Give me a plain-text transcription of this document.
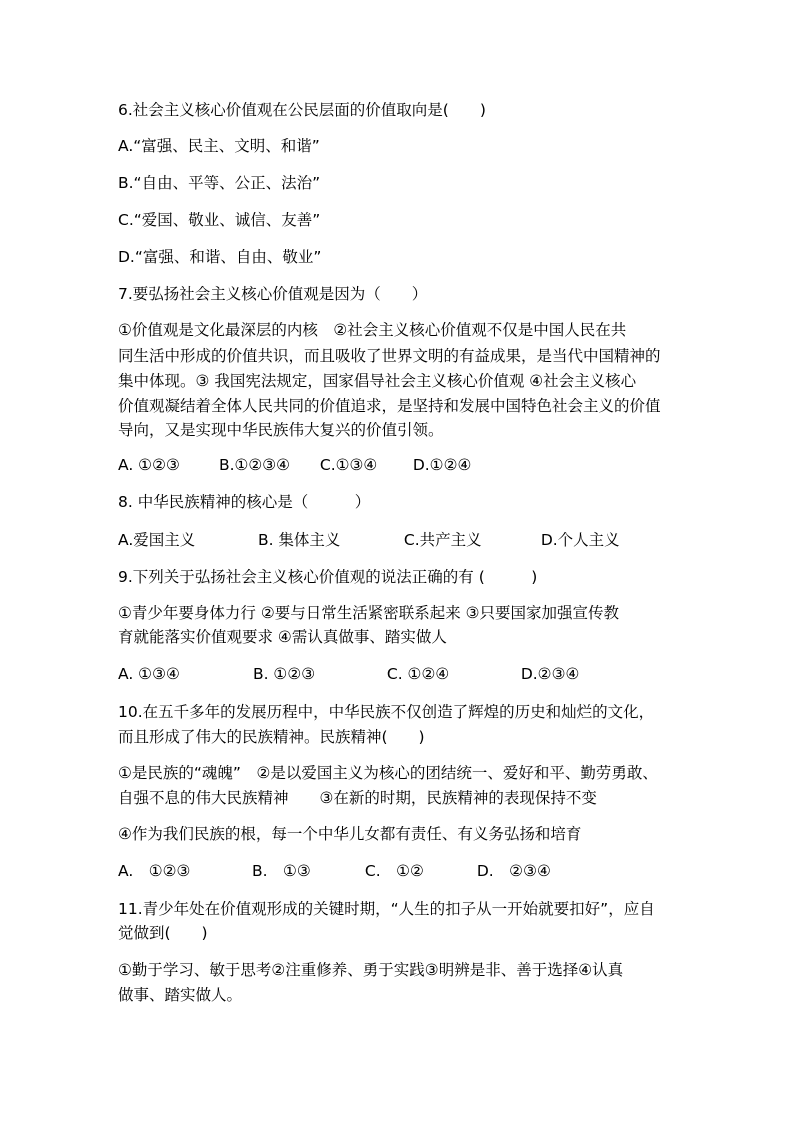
6.社会主义核心价值观在公民层面的价值取向是(　　)

A.“富强、民主、文明、和谐”

B.“自由、平等、公正、法治”

C.“爱国、敬业、诚信、友善”

D.“富强、和谐、自由、敬业”

7.要弘扬社会主义核心价值观是因为（　　）

①价值观是文化最深层的内核　②社会主义核心价值观不仅是中国人民在共

同生活中形成的价值共识，而且吸收了世界文明的有益成果，是当代中国精神的

集中体现。③ 我国宪法规定，国家倡导社会主义核心价值观 ④社会主义核心

价值观凝结着全体人民共同的价值追求，是坚持和发展中国特色社会主义的价值

导向，又是实现中华民族伟大复兴的价值引领。

A. ①②③	B.①②③④ C.①③④ D.①②④

8. 中华民族精神的核心是（　　　）

A.爱国主义	B. 集体主义	C.共产主义	D.个人主义

9.下列关于弘扬社会主义核心价值观的说法正确的有 (　　　)

①青少年要身体力行 ②要与日常生活紧密联系起来 ③只要国家加强宣传教

育就能落实价值观要求 ④需认真做事、踏实做人

A. ①③④	B. ①②③	C. ①②④	D.②③④

10.在五千多年的发展历程中，中华民族不仅创造了辉煌的历史和灿烂的文化，

而且形成了伟大的民族精神。民族精神(　　)

①是民族的“魂魄”　②是以爱国主义为核心的团结统一、爱好和平、勤劳勇敢、

自强不息的伟大民族精神　　③在新的时期，民族精神的表现保持不变

④作为我们民族的根，每一个中华儿女都有责任、有义务弘扬和培育

A.　①②③	B.　①③	C.　①②	D.　②③④

11.青少年处在价值观形成的关键时期，“人生的扣子从一开始就要扣好”，应自

觉做到(　　)

①勤于学习、敏于思考②注重修养、勇于实践③明辨是非、善于选择④认真

做事、踏实做人。
